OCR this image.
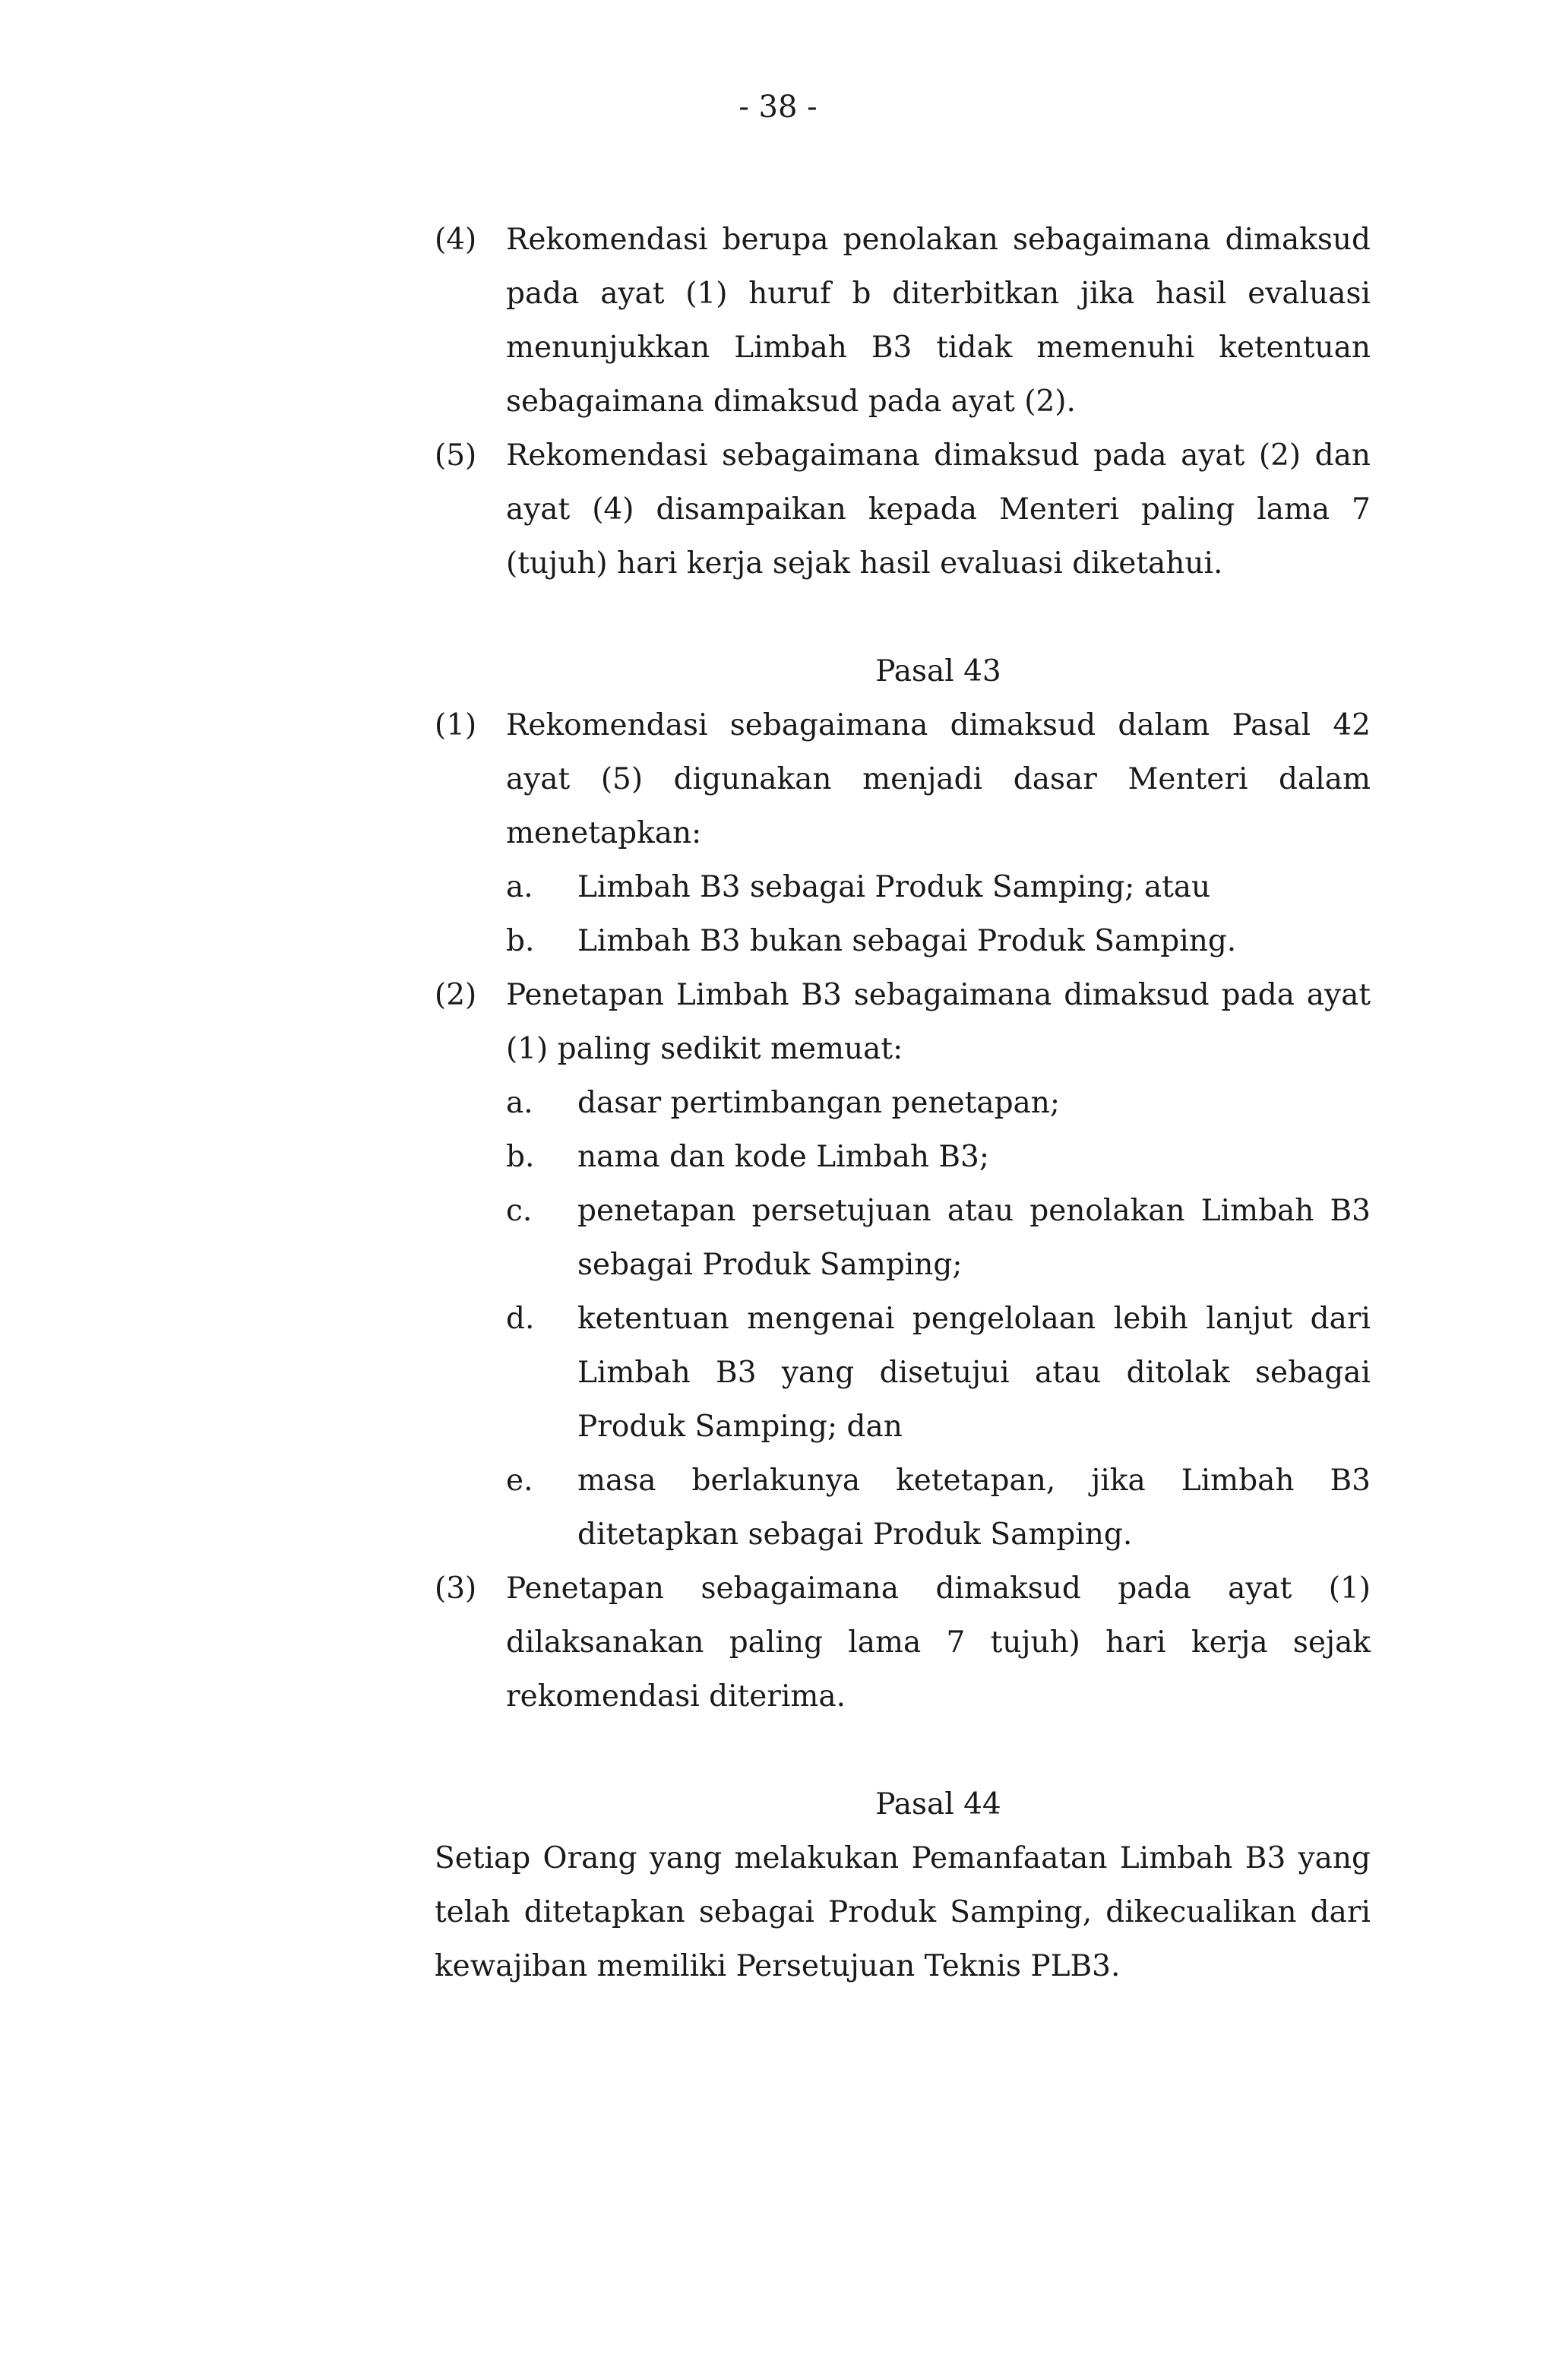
- 38 -
(4) Rekomendasi berupa penolakan sebagaimana dimaksud pada ayat (1) huruf b diterbitkan jika hasil evaluasi menunjukkan Limbah B3 tidak memenuhi ketentuan sebagaimana dimaksud pada ayat (2).
(5) Rekomendasi sebagaimana dimaksud pada ayat (2) dan ayat (4) disampaikan kepada Menteri paling lama 7 (tujuh) hari kerja sejak hasil evaluasi diketahui.
Pasal 43
(1) Rekomendasi sebagaimana dimaksud dalam Pasal 42 ayat (5) digunakan menjadi dasar Menteri dalam menetapkan:
a.	Limbah B3 sebagai Produk Samping; atau
b.	Limbah B3 bukan sebagai Produk Samping.
(2) Penetapan Limbah B3 sebagaimana dimaksud pada ayat (1) paling sedikit memuat:
a.	dasar pertimbangan penetapan;
b.	nama dan kode Limbah B3;
c.	penetapan persetujuan atau penolakan Limbah B3 sebagai Produk Samping;
d.	ketentuan mengenai pengelolaan lebih lanjut dari Limbah B3 yang disetujui atau ditolak sebagai Produk Samping; dan
e.	masa berlakunya ketetapan, jika Limbah B3 ditetapkan sebagai Produk Samping.
(3) Penetapan sebagaimana dimaksud pada ayat (1) dilaksanakan paling lama 7 tujuh) hari kerja sejak rekomendasi diterima.
Pasal 44
Setiap Orang yang melakukan Pemanfaatan Limbah B3 yang telah ditetapkan sebagai Produk Samping, dikecualikan dari kewajiban memiliki Persetujuan Teknis PLB3.
